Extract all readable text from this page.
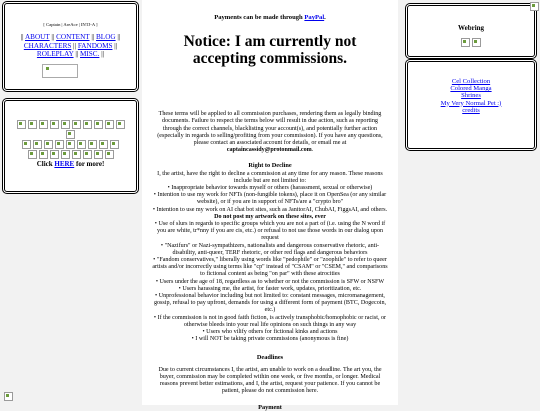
[ Captain | AreAce | INTJ-A ]
|| ABOUT || CONTENT || BLOG ||
CHARACTERS || FANDOMS ||
ROLEPLAY || MISC. ||

Click HERE for more!
Payments can be made through PayPal.
Notice: I am currently not accepting commissions.
These terms will be applied to all commission purchases, rendering them as legally binding documents. Failure to respect the terms below will result in due action, such as reporting through the correct channels, blacklisting your account(s), and potentially further action (especially in regards to selling/profiting from your commission). If you have any questions, please contact an associated account for details, or email me at captaincassidy@protonmail.com.
Right to Decline
I, the artist, have the right to decline a commission at any time for any reason. These reasons include but are not limited to:
• Inappropriate behavior towards myself or others (harassment, sexual or otherwise)
• Intention to use my work for NFTs (non-fungible tokens), place it on OpenSea (or any similar website), or if you are in support of NFTs/are a "crypto bro"
• Intention to use my work on AI chat bot sites, such as JanitorAI, ChubAI, FiggsAI, and others. Do not post my artwork on these sites, ever
• Use of slurs in regards to specific groups which you are not a part of (i.e. using the N word if you are white, tr*nny if you are cis, etc.) or refusal to not use those words in our dialog upon request
• "Nazifurs" or Nazi-sympathizers, nationalists and dangerous conservative rhetoric, anti-disability, anti-queer, TERF rhetoric, or other red flags and dangerous behaviors
• "Fandom conservatives," liberally using words like "pedophile" or "zoophile" to refer to queer artists and/or incorrectly using terms like "cp" instead of "CSAM" or "CSEM," and comparisons to fictional content as being "on par" with these atrocities
• Users under the age of 18, regardless as to whether or not the commission is SFW or NSFW
• Users harassing me, the artist, for faster work, updates, prioritization, etc.
• Unprofessional behavior including but not limited to: constant messages, micromanagement, gossip, refusal to pay upfront, demands for using a different form of payment (BTC, Dogecoin, etc.)
• If the commission is not in good faith fiction, is actively transphobic/homophobic or racist, or otherwise bleeds into your real life opinions on such things in any way
• Users who vilify others for fictional kinks and actions
• I will NOT be taking private commissions (anonymous is fine)
Deadlines
Due to current circumstances I, the artist, am unable to work on a deadline. The art you, the buyer, commission may be completed within one week, or five months, or longer. Medical reasons prevent better estimations, and I, the artist, request your patience. If you cannot be patient, please do not commission here.
Payment
Webring
Cel Collection
Colored Manga
Shrines
My Very Normal Pet :)
credits
